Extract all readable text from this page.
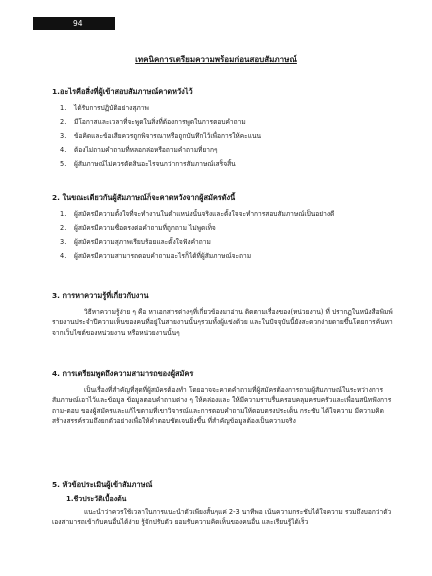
94
เทคนิคการเตรียมความพร้อมก่อนสอบสัมภาษณ์
1.อะไรคือสิ่งที่ผู้เข้าสอบสัมภาษณ์คาดหวังไว้
1.	ได้รับการปฏิบัติอย่างสุภาพ
2.	มีโอกาสและเวลาที่จะพูดในสิ่งที่ต้องการพูดในการตอบคำถาม
3.	ข้อคิดและข้อเสียควรถูกพิจารณาหรือถูกบันทึกไว้เพื่อการให้คะแนน
4.	ต้องไม่ถามคำถามที่หลอกล่อหรือถามคำถามที่ยากๆ
5.	ผู้สัมภาษณ์ไม่ควรตัดสินอะไรจนกว่าการสัมภาษณ์เสร็จสิ้น
2. ในขณะเดียวกันผู้สัมภาษณ์ก็จะคาดหวังจากผู้สมัครดังนี้
1.	ผู้สมัครมีความตั้งใจที่จะทำงานในตำแหน่งนั้นจริงและตั้งใจจะทำการสอบสัมภาษณ์เป็นอย่างดี
2.	ผู้สมัครมีความซื่อตรงต่อคำถามที่ถูกถาม ไม่พูดเท็จ
3.	ผู้สมัครมีความสุภาพเรียบร้อยและตั้งใจฟังคำถาม
4.	ผู้สมัครมีความสามารถตอบคำถามอะไรก็ได้ที่ผู้สัมภาษณ์จะถาม
3. การหาความรู้ที่เกี่ยวกับงาน
วิธีหาความรู้ง่าย ๆ คือ หาเอกสารต่างๆที่เกี่ยวข้องมาอ่าน ติดตามเรื่องของ(หน่วยงาน) ที่ ปรากฏในหนังสือพิมพ์รายงานประจำปีความเห็นของคนที่อยู่ในสายงานนั้นๆรวมทั้งผู้แข่งด้วย และในปัจจุบันนี้ยังสะดวกง่ายดายขึ้นโดยการค้นหาจากเว็บไซต์ของหน่วยงาน หรือหน่วยงานนั้นๆ
4. การเตรียมพูดถึงความสามารถของผู้สมัคร
เป็นเรื่องที่สำคัญที่สุดที่ผู้สมัครต้องทำ โดยอาจจะคาดคำถามที่ผู้สมัครต้องการถามผู้สัมภาษณ์ในระหว่างการสัมภาษณ์เอาไว้และข้อมูล ข้อมูลตอบคำถามต่าง ๆ ให้คล่องและ ให้มีความราบรื่นครอบคลุมครบครัวและเพื่อนสนิทฟังการถาม-ตอบ ของผู้สมัครและแก้ไขตามที่เขาวิจารณ์และการตอบคำถามให้ตอบตรงประเด็น กระชับ ได้ใจความ มีความคิดสร้างสรรค์รวมถึงยกตัวอย่างเพื่อให้คำตอบชัดเจนยิ่งขึ้น ที่สำคัญข้อมูลต้องเป็นความจริง
5. หัวข้อประเมินผู้เข้าสัมภาษณ์
1.ชีวประวัติเบื้องต้น
แนะนำว่าควรใช้เวลาในการแนะนำตัวเพียงสั้นๆแค่ 2-3 นาทีพอ เน้นความกระชับได้ใจความ รวมถึงบอกว่าตัวเองสามารถเข้ากับคนอื่นได้ง่าย รู้จักปรับตัว ยอมรับความคิดเห็นของคนอื่น และเรียนรู้ได้เร็ว
